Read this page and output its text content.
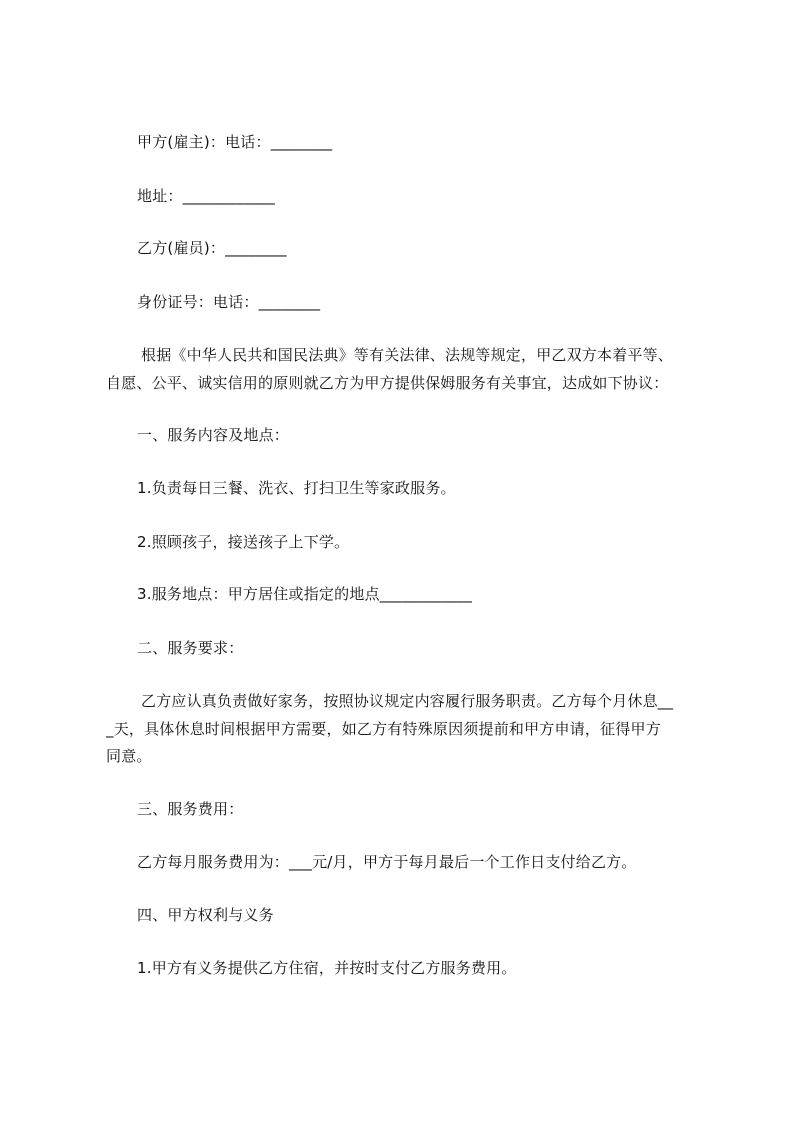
甲方(雇主)：电话：________
地址：____________
乙方(雇员)：________
身份证号：电话：________
根据《中华人民共和国民法典》等有关法律、法规等规定，甲乙双方本着平等、
自愿、公平、诚实信用的原则就乙方为甲方提供保姆服务有关事宜，达成如下协议：
一、服务内容及地点：
1.负责每日三餐、洗衣、打扫卫生等家政服务。
2.照顾孩子，接送孩子上下学。
3.服务地点：甲方居住或指定的地点____________
二、服务要求：
乙方应认真负责做好家务，按照协议规定内容履行服务职责。乙方每个月休息__
_天，具体休息时间根据甲方需要，如乙方有特殊原因须提前和甲方申请，征得甲方
同意。
三、服务费用：
乙方每月服务费用为：___元/月，甲方于每月最后一个工作日支付给乙方。
四、甲方权利与义务
1.甲方有义务提供乙方住宿，并按时支付乙方服务费用。
